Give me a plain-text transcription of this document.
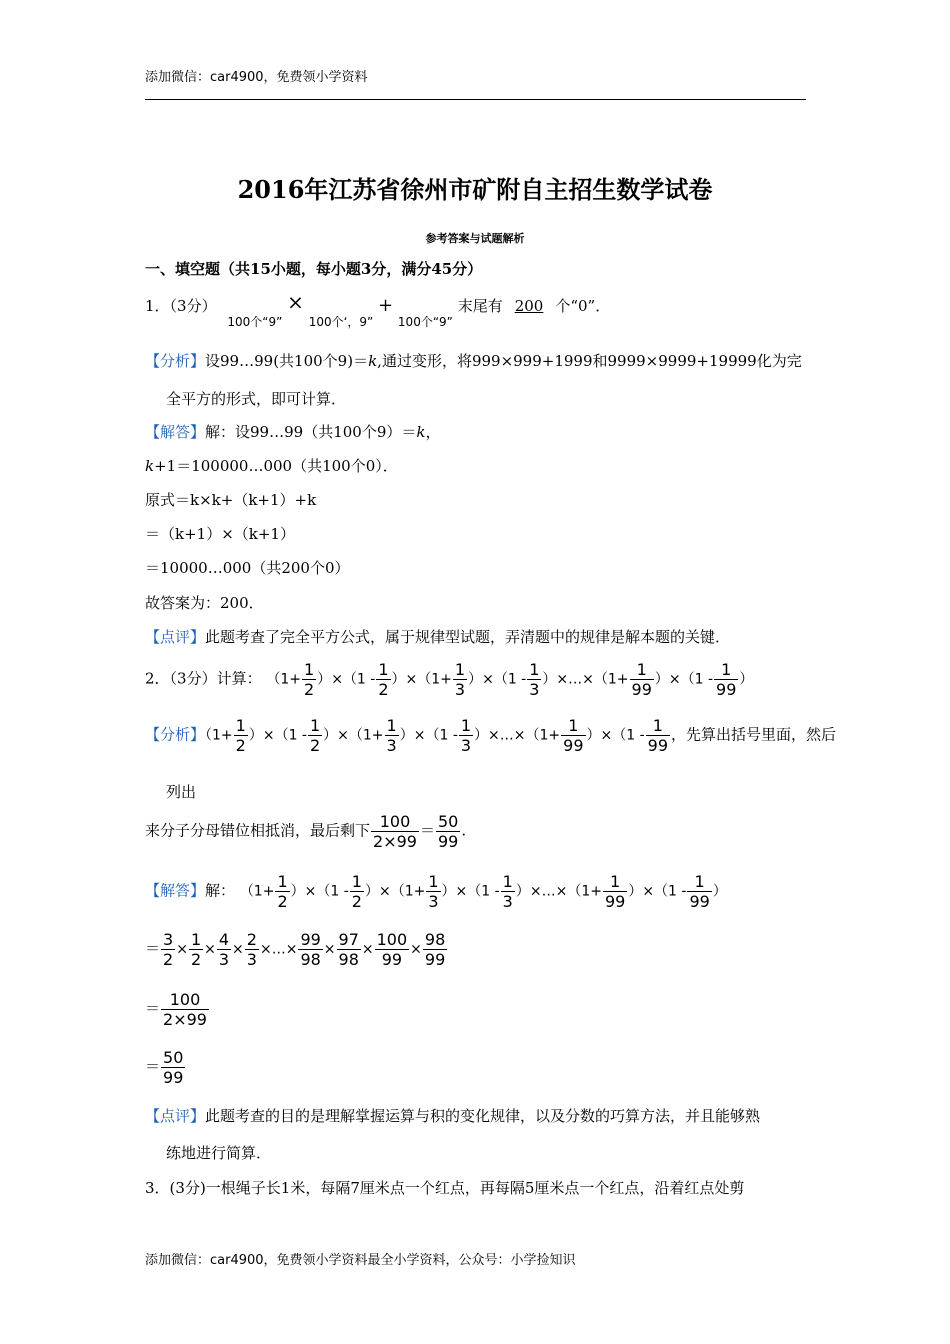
添加微信：car4900，免费领小学资料
2016年江苏省徐州市矿附自主招生数学试卷
参考答案与试题解析
一、填空题（共15小题，每小题3分，满分45分）
1．（3分） $_{100个“9”}$ × $_{100个‘,9”}$ + $_{100个“9”}$ 末尾有 200 个“0”．
【分析】设99…99(共100个9)＝k,通过变形，将999×999+1999和9999×9999+19999化为完
全平方的形式，即可计算．
【解答】解：设99…99（共100个9）＝k，
k+1＝100000…000（共100个0）．
原式＝k×k+（k+1）+k
＝（k+1）×（k+1）
＝10000…000（共200个0）
故答案为：200．
【点评】此题考查了完全平方公式，属于规律型试题，弄清题中的规律是解本题的关键．
2．（3分）计算： $(1+ \frac{1}{2} )\times(1 - \frac{1}{2} )\times(1+ \frac{1}{3} )\times(1 - \frac{1}{3}$ ）×…×（1+ $\frac{1}{99} )\times(1 - \frac{1}{99}$ ）
【分析】$(1+ \frac{1}{2} )\times(1 - \frac{1}{2} )\times(1+ \frac{1}{3} )\times(1 - \frac{1}{3}$ ）×…×（1+ $\frac{1}{99} )\times(1 - \frac{1}{99}$ ，先算出括号里面，然后
列出
来分子分母错位相抵消，最后剩下 $\frac{100}{2\times 99} = \frac{50}{99}$ .
【解答】解： $(1+ \frac{1}{2} )\times(1 - \frac{1}{2} )\times(1+ \frac{1}{3} )\times(1 - \frac{1}{3}$ ）×…×（1+ $\frac{1}{99} )\times(1 - \frac{1}{99}$ ）
＝ $\frac{3}{2} \times \frac{1}{2} \times \frac{4}{3} \times \frac{2}{3}$ ×…× $\frac{99}{98} \times \frac{97}{98} \times \frac{100}{99} \times \frac{98}{99}$
＝ $\frac{100}{2\times 99}$
＝ $\frac{50}{99}$
【点评】此题考查的目的是理解掌握运算与积的变化规律，以及分数的巧算方法，并且能够熟
练地进行简算．
3．(3分)一根绳子长1米，每隔7厘米点一个红点，再每隔5厘米点一个红点，沿着红点处剪
添加微信：car4900，免费领小学资料最全小学资料，公众号：小学捡知识
